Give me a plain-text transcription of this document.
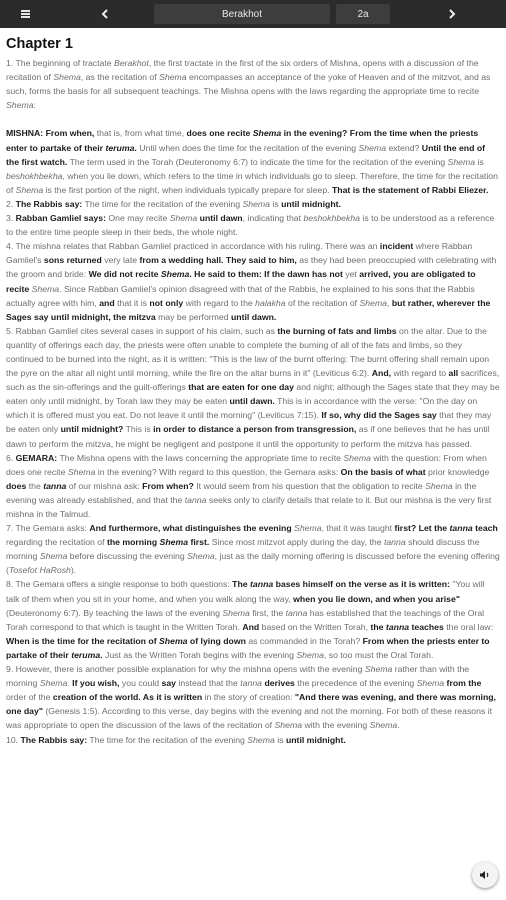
Berakhot	2a
Chapter 1

1. The beginning of tractate Berakhot, the first tractate in the first of the six orders of Mishna, opens with a discussion of the recitation of Shema, as the recitation of Shema encompasses an acceptance of the yoke of Heaven and of the mitzvot, and as such, forms the basis for all subsequent teachings. The Mishna opens with the laws regarding the appropriate time to recite Shema:

MISHNA: From when, that is, from what time, does one recite Shema in the evening? From the time when the priests enter to partake of their teruma. Until when does the time for the recitation of the evening Shema extend? Until the end of the first watch. The term used in the Torah (Deuteronomy 6:7) to indicate the time for the recitation of the evening Shema is beshokhbekha, when you lie down, which refers to the time in which individuals go to sleep. Therefore, the time for the recitation of Shema is the first portion of the night, when individuals typically prepare for sleep. That is the statement of Rabbi Eliezer.

2. The Rabbis say: The time for the recitation of the evening Shema is until midnight.

3. Rabban Gamliel says: One may recite Shema until dawn, indicating that beshokhbekha is to be understood as a reference to the entire time people sleep in their beds, the whole night.

4. The mishna relates that Rabban Gamliel practiced in accordance with his ruling. There was an incident where Rabban Gamliel's sons returned very late from a wedding hall. They said to him, as they had been preoccupied with celebrating with the groom and bride: We did not recite Shema. He said to them: If the dawn has not yet arrived, you are obligated to recite Shema. Since Rabban Gamliel's opinion disagreed with that of the Rabbis, he explained to his sons that the Rabbis actually agree with him, and that it is not only with regard to the halakha of the recitation of Shema, but rather, wherever the Sages say until midnight, the mitzva may be performed until dawn.

5. Rabban Gamliel cites several cases in support of his claim, such as the burning of fats and limbs on the altar. Due to the quantity of offerings each day, the priests were often unable to complete the burning of all of the fats and limbs, so they continued to be burned into the night, as it is written: "This is the law of the burnt offering: The burnt offering shall remain upon the pyre on the altar all night until morning, while the fire on the altar burns in it" (Leviticus 6:2). And, with regard to all sacrifices, such as the sin-offerings and the guilt-offerings that are eaten for one day and night; although the Sages state that they may be eaten only until midnight, by Torah law they may be eaten until dawn. This is in accordance with the verse: "On the day on which it is offered must you eat. Do not leave it until the morning" (Leviticus 7:15). If so, why did the Sages say that they may be eaten only until midnight? This is in order to distance a person from transgression, as if one believes that he has until dawn to perform the mitzva, he might be negligent and postpone it until the opportunity to perform the mitzva has passed.

6. GEMARA: The Mishna opens with the laws concerning the appropriate time to recite Shema with the question: From when does one recite Shema in the evening? With regard to this question, the Gemara asks: On the basis of what prior knowledge does the tanna of our mishna ask: From when? It would seem from his question that the obligation to recite Shema in the evening was already established, and that the tanna seeks only to clarify details that relate to it. But our mishna is the very first mishna in the Talmud.

7. The Gemara asks: And furthermore, what distinguishes the evening Shema, that it was taught first? Let the tanna teach regarding the recitation of the morning Shema first. Since most mitzvot apply during the day, the tanna should discuss the morning Shema before discussing the evening Shema, just as the daily morning offering is discussed before the evening offering (Tosefot HaRosh).

8. The Gemara offers a single response to both questions: The tanna bases himself on the verse as it is written: "You will talk of them when you sit in your home, and when you walk along the way, when you lie down, and when you arise" (Deuteronomy 6:7). By teaching the laws of the evening Shema first, the tanna has established that the teachings of the Oral Torah correspond to that which is taught in the Written Torah. And based on the Written Torah, the tanna teaches the oral law: When is the time for the recitation of Shema of lying down as commanded in the Torah? From when the priests enter to partake of their teruma. Just as the Written Torah begins with the evening Shema, so too must the Oral Torah.

9. However, there is another possible explanation for why the mishna opens with the evening Shema rather than with the morning Shema. If you wish, you could say instead that the tanna derives the precedence of the evening Shema from the order of the creation of the world. As it is written in the story of creation: "And there was evening, and there was morning, one day" (Genesis 1:5). According to this verse, day begins with the evening and not the morning. For both of these reasons it was appropriate to open the discussion of the laws of the recitation of Shema with the evening Shema.

10. The Rabbis say: The time for the recitation of the evening Shema is until midnight.
